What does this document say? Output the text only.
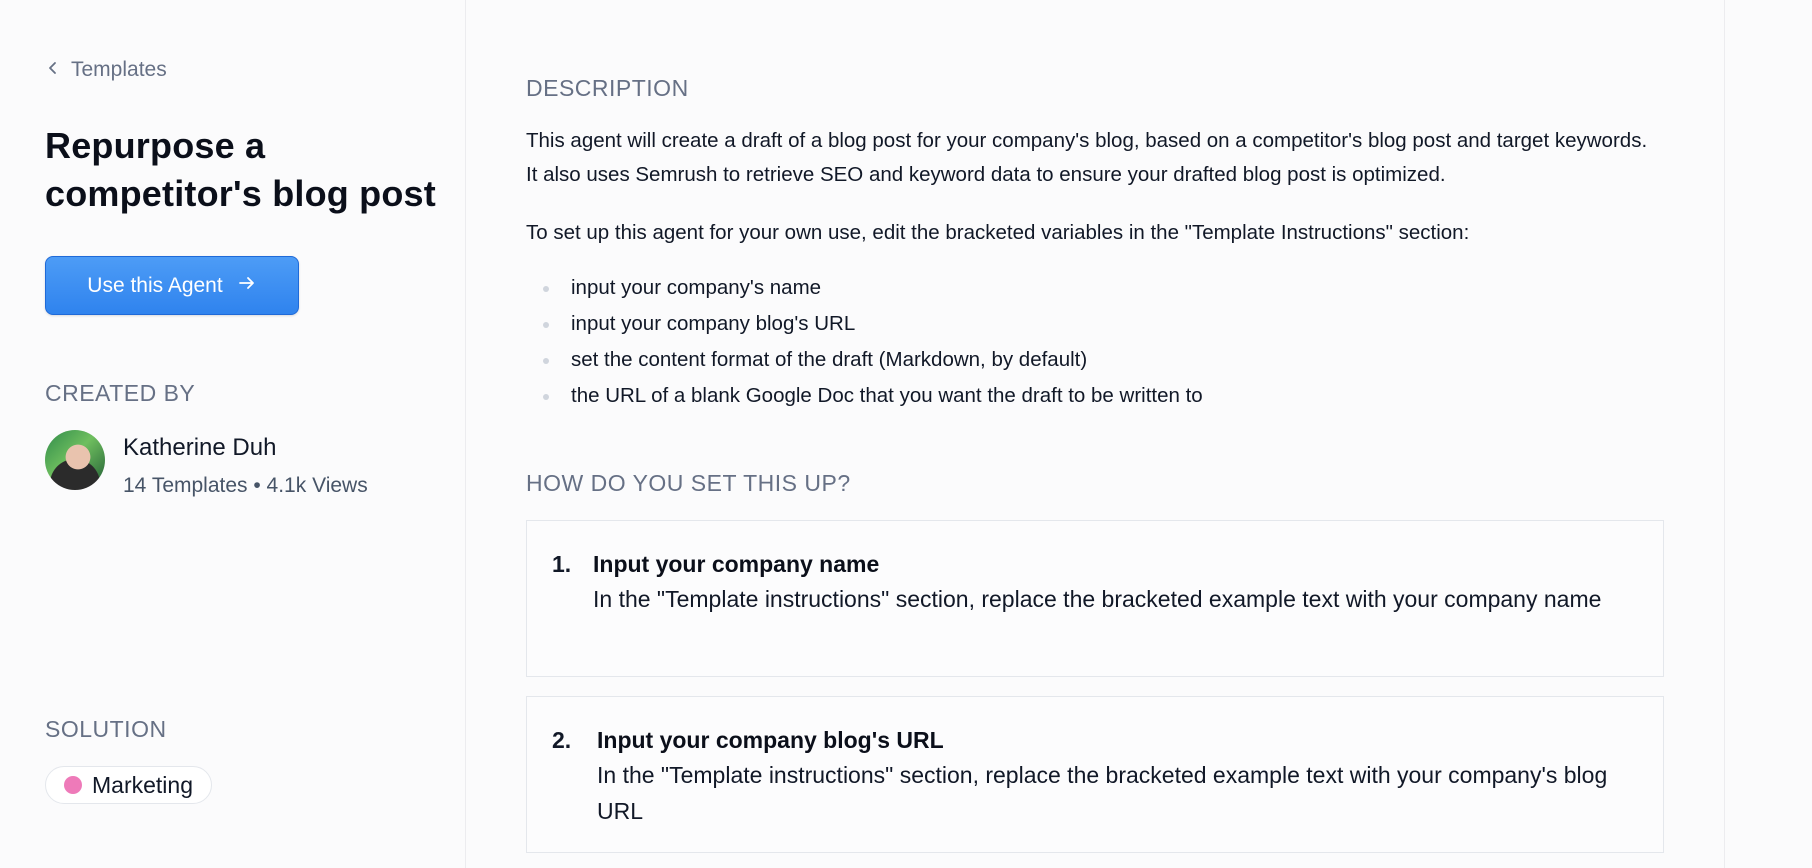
Templates
Repurpose a competitor's blog post
Use this Agent
CREATED BY
Katherine Duh
14 Templates • 4.1k Views
SOLUTION
Marketing
DESCRIPTION

This agent will create a draft of a blog post for your company's blog, based on a competitor's blog post and target keywords. It also uses Semrush to retrieve SEO and keyword data to ensure your drafted blog post is optimized.

To set up this agent for your own use, edit the bracketed variables in the "Template Instructions" section:

input your company's name
input your company blog's URL
set the content format of the draft (Markdown, by default)
the URL of a blank Google Doc that you want the draft to be written to
HOW DO YOU SET THIS UP?
1. Input your company name
In the "Template instructions" section, replace the bracketed example text with your company name
2.	Input your company blog's URL
In the "Template instructions" section, replace the bracketed example text with your company's blog URL
